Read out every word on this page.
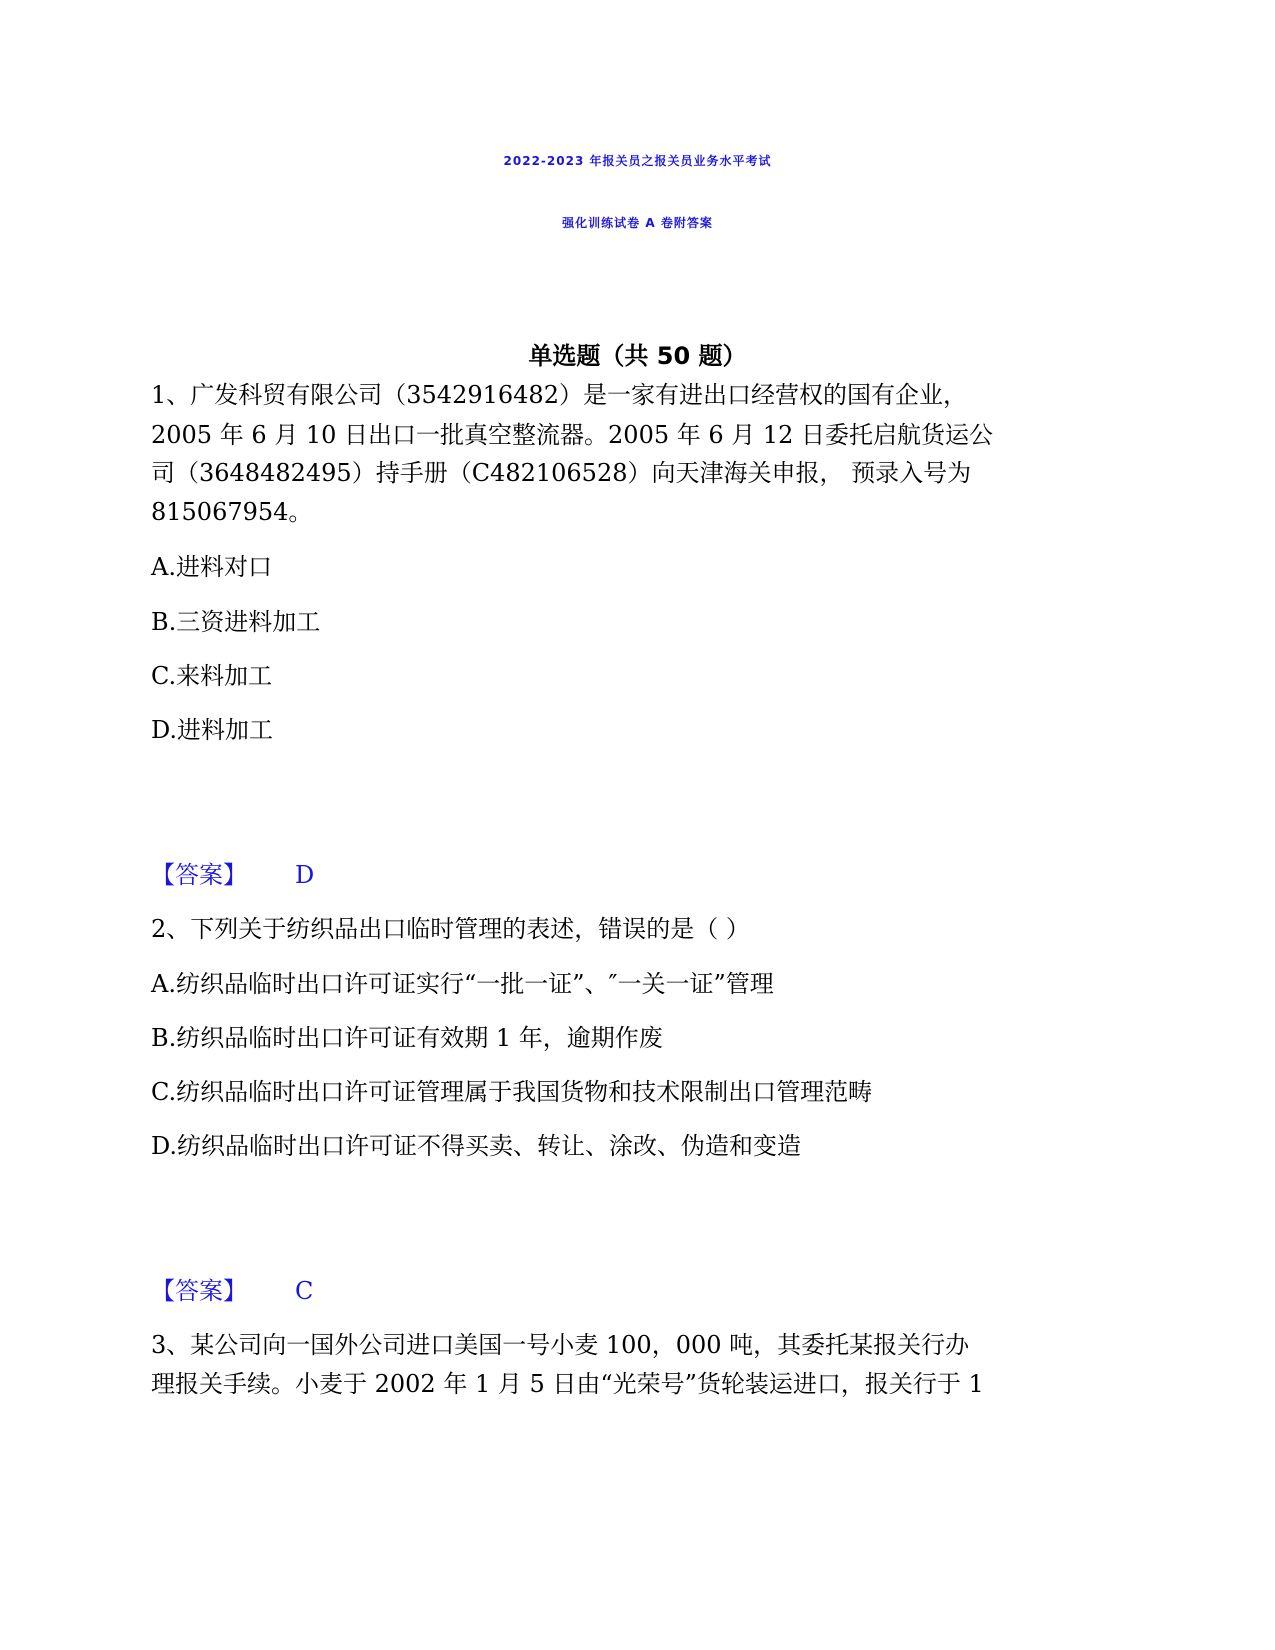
2022-2023 年报关员之报关员业务水平考试
强化训练试卷 A 卷附答案
单选题（共 50 题）
1、广发科贸有限公司（3542916482）是一家有进出口经营权的国有企业，
2005 年 6 月 10 日出口一批真空整流器。2005 年 6 月 12 日委托启航货运公
司（3648482495）持手册（C482106528）向天津海关申报， 预录入号为
815067954。
A.进料对口
B.三资进料加工
C.来料加工
D.进料加工
【答案】 D
2、下列关于纺织品出口临时管理的表述，错误的是（ ）
A.纺织品临时出口许可证实行“一批一证”、″一关一证”管理
B.纺织品临时出口许可证有效期 1 年，逾期作废
C.纺织品临时出口许可证管理属于我国货物和技术限制出口管理范畴
D.纺织品临时出口许可证不得买卖、转让、涂改、伪造和变造
【答案】 C
3、某公司向一国外公司进口美国一号小麦 100，000 吨，其委托某报关行办
理报关手续。小麦于 2002 年 1 月 5 日由“光荣号”货轮装运进口，报关行于 1
